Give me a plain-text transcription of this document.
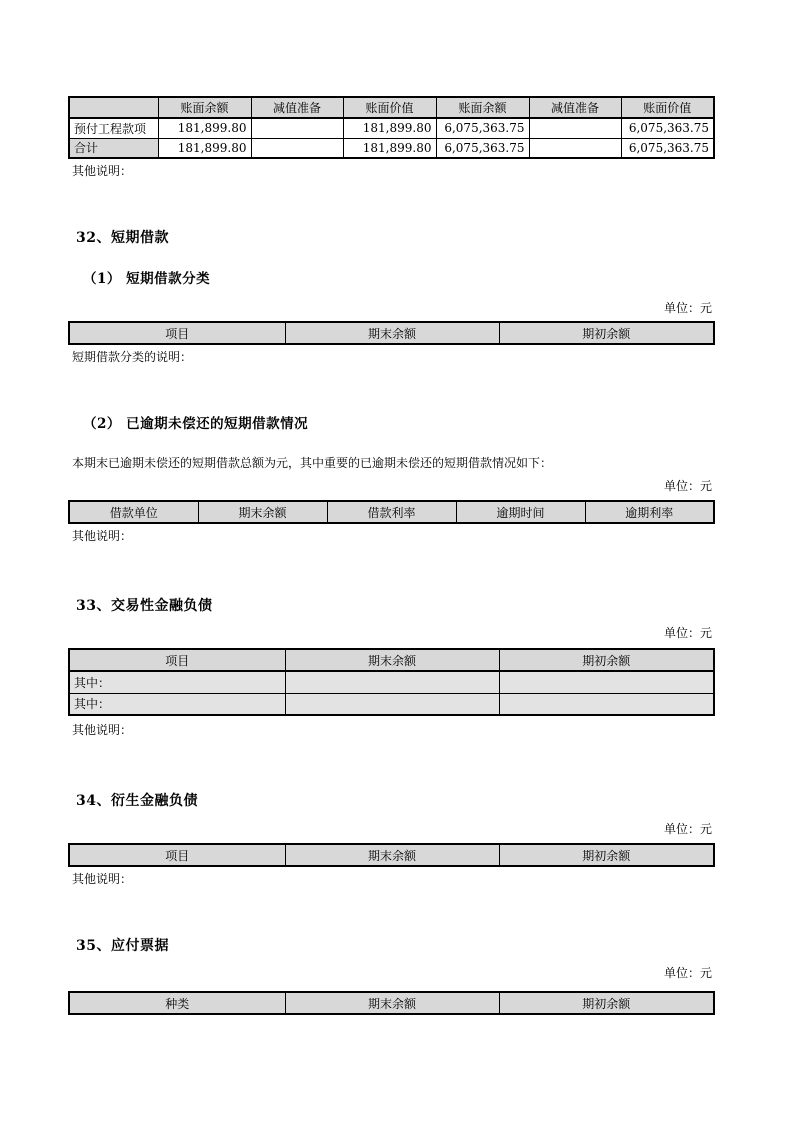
	账面余额	减值准备	账面价值	账面余额	减值准备	账面价值
预付工程款项	181,899.80		181,899.80	6,075,363.75		6,075,363.75
合计	181,899.80		181,899.80	6,075,363.75		6,075,363.75
其他说明：
32、短期借款
（1） 短期借款分类
单位：元
项目	期末余额	期初余额
短期借款分类的说明：
（2） 已逾期未偿还的短期借款情况
本期末已逾期未偿还的短期借款总额为元，其中重要的已逾期未偿还的短期借款情况如下：
单位：元
借款单位	期末余额	借款利率	逾期时间	逾期利率
其他说明：
33、交易性金融负债
单位：元
项目	期末余额	期初余额
其中：		
其中：		
其他说明：
34、衍生金融负债
单位：元
项目	期末余额	期初余额
其他说明：
35、应付票据
单位：元
种类	期末余额	期初余额
